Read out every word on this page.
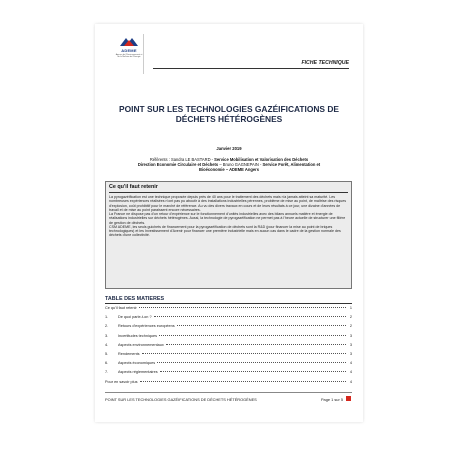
ADEME
Agence de l'Environnement et de la Maîtrise de l'Energie
FICHE TECHNIQUE
POINT SUR LES TECHNOLOGIES GAZÉIFICATIONS DE
DÉCHETS HÉTÉROGÈNES
Janvier 2019
Référents : Sandra LE BASTARD - Service Mobilisation et Valorisation des Déchets
Direction Economie Circulaire et Déchets – Bruno GAGNEPAIN - Service Forêt, Alimentation et
Bioéconomie – ADEME Angers
Ce qu'il faut retenir

La pyrogazéification est une technique proposée depuis près de 40 ans pour le traitement des déchets mais n'a jamais atteint sa maturité. Les nombreuses expériences réalisées n'ont pas pu aboutir à des installations industrielles pérennes, problème de mise au point, de maîtrise des risques d'explosion, coût prohibitif pour le marché de référence. Au vu des divers travaux en cours et de leurs résultats à ce jour, une dizaine d'années de travail et de mise au point paraissent encore nécessaires.

La France ne dispose pas d'un retour d'expérience sur le fonctionnement d'unités industrielles avec des bilans annuels matière et énergie de réalisations industrielles sur déchets hétérogènes. Aussi, la technologie de pyrogazéification ne permet pas à l'heure actuelle de structurer une filière de gestion de déchets.

CSM ADEME, les seuls guichets de financement pour la pyrogazéification de déchets sont la R&D (pour financer la mise au point de briques technologiques) et les Investissement d'Avenir pour financer une première industrielle mais en aucun cas dans le cadre de la gestion normale des déchets d'une collectivité.

TABLE DES MATIERES
Ce qu'il faut retenir	1
1.	De quoi parle-t-on ?	2
2.	Retours d'expériences européens	2
3.	Incertitudes techniques	3
4.	Aspects environnementaux	3
5.	Rendements	3
6.	Aspects économiques	4
7.	Aspects réglementaires	4
Pour en savoir plus	4
POINT SUR LES TECHNOLOGIES GAZÉIFICATIONS DE DÉCHETS HÉTÉROGÈNES	Page 1 sur 5
